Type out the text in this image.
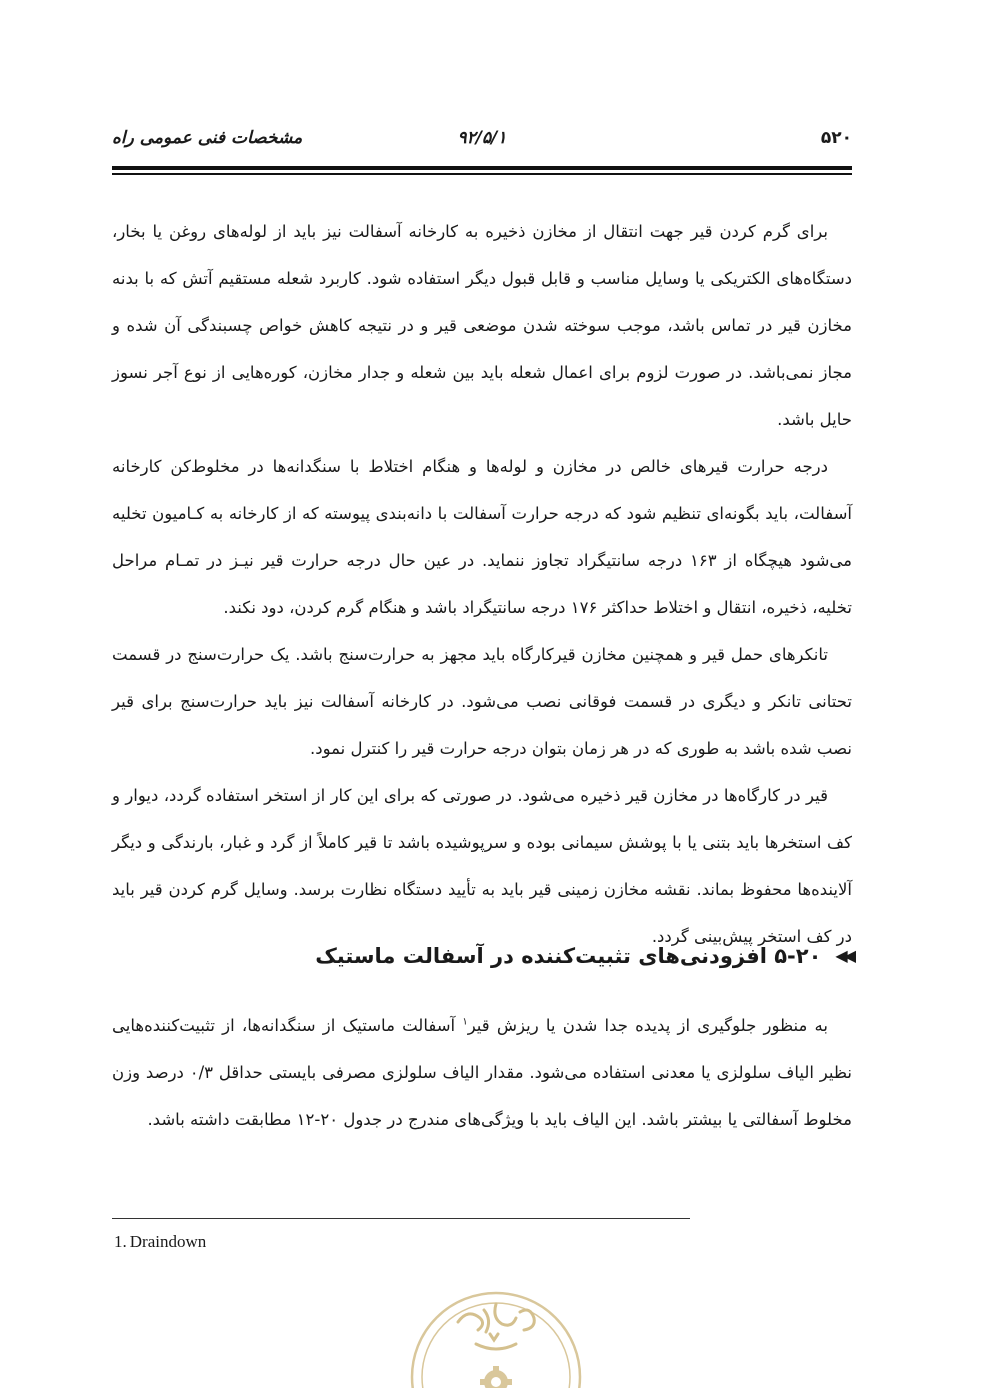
۵۲۰
۹۲/۵/۱
مشخصات فنی عمومی راه

برای گرم کردن قیر جهت انتقال از مخازن ذخیره به کارخانه آسفالت نیز باید از لوله‌های روغن یا بخار، دستگاه‌های الکتریکی یا وسایل مناسب و قابل قبول دیگر استفاده شود. کاربرد شعله مستقیم آتش که با بدنه مخازن قیر در تماس باشد، موجب سوخته شدن موضعی قیر و در نتیجه کاهش خواص چسبندگی آن شده و مجاز نمی‌باشد. در صورت لزوم برای اعمال شعله باید بین شعله و جدار مخازن، کوره‌هایی از نوع آجر نسوز حایل باشد.

درجه حرارت قیرهای خالص در مخازن و لوله‌ها و هنگام اختلاط با سنگدانه‌ها در مخلوط‌کن کارخانه آسفالت، باید بگونه‌ای تنظیم شود که درجه حرارت آسفالت با دانه‌بندی پیوسته که از کارخانه به کـامیون تخلیه می‌شود هیچگاه از ۱۶۳ درجه سانتیگراد تجاوز ننماید. در عین حال درجه حرارت قیر نیـز در تمـام مراحل تخلیه، ذخیره، انتقال و اختلاط حداکثر ۱۷۶ درجه سانتیگراد باشد و هنگام گرم کردن، دود نکند.

تانکرهای حمل قیر و همچنین مخازن قیرکارگاه باید مجهز به حرارت‌سنج باشد. یک حرارت‌سنج در قسمت تحتانی تانکر و دیگری در قسمت فوقانی نصب می‌شود. در کارخانه آسفالت نیز باید حرارت‌سنج برای قیر نصب شده باشد به طوری که در هر زمان بتوان درجه حرارت قیر را کنترل نمود.

قیر در کارگاه‌ها در مخازن قیر ذخیره می‌شود. در صورتی که برای این کار از استخر استفاده گردد، دیوار و کف استخرها باید بتنی یا با پوشش سیمانی بوده و سرپوشیده باشد تا قیر کاملاً از گرد و غبار، بارندگی و دیگر آلاینده‌ها محفوظ بماند. نقشه مخازن زمینی قیر باید به تأیید دستگاه نظارت برسد. وسایل گرم کردن قیر باید در کف استخر پیش‌بینی گردد.

◀◀۵-۲۰ افزودنی‌های تثبیت‌کننده در آسفالت ماستیک

به منظور جلوگیری از پدیده جدا شدن یا ریزش قیر$^۱$ آسفالت ماستیک از سنگدانه‌ها، از تثبیت‌کننده‌هایی نظیر الیاف سلولزی یا معدنی استفاده می‌شود. مقدار الیاف سلولزی مصرفی بایستی حداقل ۰/۳ درصد وزن مخلوط آسفالتی یا بیشتر باشد. این الیاف باید با ویژگی‌های مندرج در جدول ۲۰-۱۲ مطابقت داشته باشد.

1. Draindown
